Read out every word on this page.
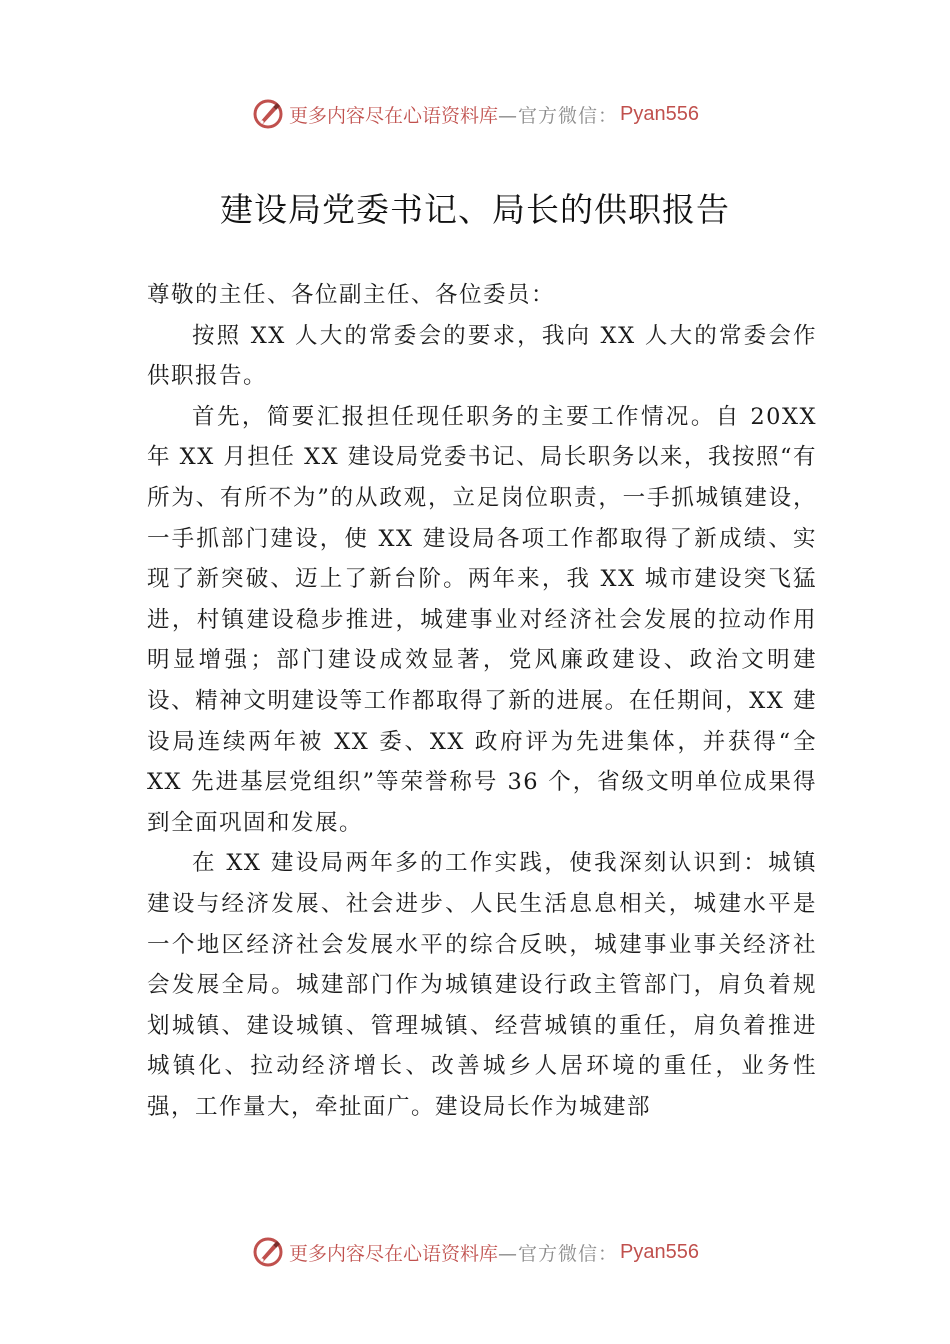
更多内容尽在心语资料库 —官方微信： Pyan556
建设局党委书记、局长的供职报告

尊敬的主任、各位副主任、各位委员：

按照 XX 人大的常委会的要求，我向 XX 人大的常委会作供职报告。

首先，简要汇报担任现任职务的主要工作情况。自 20XX 年 XX 月担任 XX 建设局党委书记、局长职务以来，我按照“有所为、有所不为”的从政观，立足岗位职责，一手抓城镇建设，一手抓部门建设，使 XX 建设局各项工作都取得了新成绩、实现了新突破、迈上了新台阶。两年来，我 XX 城市建设突飞猛进，村镇建设稳步推进，城建事业对经济社会发展的拉动作用明显增强；部门建设成效显著，党风廉政建设、政治文明建设、精神文明建设等工作都取得了新的进展。在任期间，XX 建设局连续两年被 XX 委、XX 政府评为先进集体，并获得“全 XX 先进基层党组织”等荣誉称号 36 个，省级文明单位成果得到全面巩固和发展。

在 XX 建设局两年多的工作实践，使我深刻认识到：城镇建设与经济发展、社会进步、人民生活息息相关，城建水平是一个地区经济社会发展水平的综合反映，城建事业事关经济社会发展全局。城建部门作为城镇建设行政主管部门，肩负着规划城镇、建设城镇、管理城镇、经营城镇的重任，肩负着推进城镇化、拉动经济增长、改善城乡人居环境的重任，业务性强，工作量大，牵扯面广。建设局长作为城建部

更多内容尽在心语资料库 —官方微信： Pyan556
